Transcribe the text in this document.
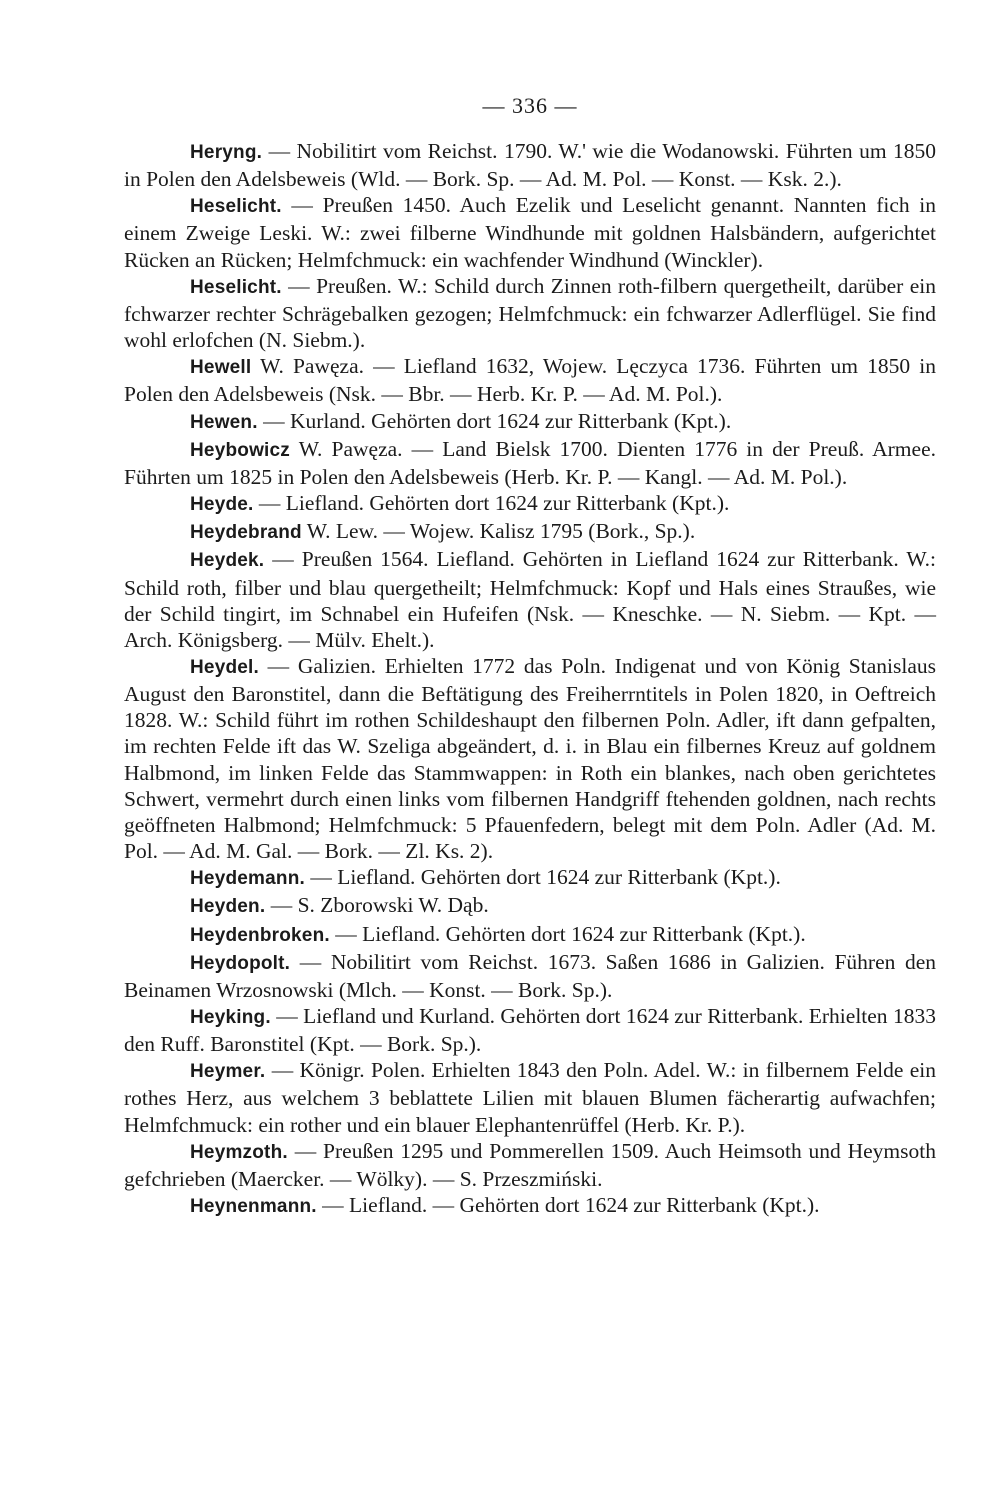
— 336 —

Heryng. — Nobilitirt vom Reichst. 1790. W.' wie die Wodanowski. Führten um 1850 in Polen den Adelsbeweis (Wld. — Bork. Sp. — Ad. M. Pol. — Konst. — Ksk. 2.).

Heselicht. — Preußen 1450. Auch Ezelik und Leselicht genannt. Nannten fich in einem Zweige Leski. W.: zwei filberne Windhunde mit goldnen Halsbändern, aufgerichtet Rücken an Rücken; Helmfchmuck: ein wachfender Windhund (Winckler).

Heselicht. — Preußen. W.: Schild durch Zinnen roth-filbern quergetheilt, darüber ein fchwarzer rechter Schrägebalken gezogen; Helmfchmuck: ein fchwarzer Adlerflügel. Sie find wohl erlofchen (N. Siebm.).

Hewell W. Pawęza. — Liefland 1632, Wojew. Lęczyca 1736. Führten um 1850 in Polen den Adelsbeweis (Nsk. — Bbr. — Herb. Kr. P. — Ad. M. Pol.).

Hewen. — Kurland. Gehörten dort 1624 zur Ritterbank (Kpt.).

Heybowicz W. Pawęza. — Land Bielsk 1700. Dienten 1776 in der Preuß. Armee. Führten um 1825 in Polen den Adelsbeweis (Herb. Kr. P. — Kangl. — Ad. M. Pol.).

Heyde. — Liefland. Gehörten dort 1624 zur Ritterbank (Kpt.).

Heydebrand W. Lew. — Wojew. Kalisz 1795 (Bork., Sp.).

Heydek. — Preußen 1564. Liefland. Gehörten in Liefland 1624 zur Ritterbank. W.: Schild roth, filber und blau quergetheilt; Helmfchmuck: Kopf und Hals eines Straußes, wie der Schild tingirt, im Schnabel ein Hufeifen (Nsk. — Kneschke. — N. Siebm. — Kpt. — Arch. Königsberg. — Mülv. Ehelt.).

Heydel. — Galizien. Erhielten 1772 das Poln. Indigenat und von König Stanislaus August den Baronstitel, dann die Beftätigung des Freiherrntitels in Polen 1820, in Oeftreich 1828. W.: Schild führt im rothen Schildeshaupt den filbernen Poln. Adler, ift dann gefpalten, im rechten Felde ift das W. Szeliga abgeändert, d. i. in Blau ein filbernes Kreuz auf goldnem Halbmond, im linken Felde das Stammwappen: in Roth ein blankes, nach oben gerichtetes Schwert, vermehrt durch einen links vom filbernen Handgriff ftehenden goldnen, nach rechts geöffneten Halbmond; Helmfchmuck: 5 Pfauenfedern, belegt mit dem Poln. Adler (Ad. M. Pol. — Ad. M. Gal. — Bork. — Zl. Ks. 2).

Heydemann. — Liefland. Gehörten dort 1624 zur Ritterbank (Kpt.).

Heyden. — S. Zborowski W. Dąb.

Heydenbroken. — Liefland. Gehörten dort 1624 zur Ritterbank (Kpt.).

Heydopolt. — Nobilitirt vom Reichst. 1673. Saßen 1686 in Galizien. Führen den Beinamen Wrzosnowski (Mlch. — Konst. — Bork. Sp.).

Heyking. — Liefland und Kurland. Gehörten dort 1624 zur Ritterbank. Erhielten 1833 den Ruff. Baronstitel (Kpt. — Bork. Sp.).

Heymer. — Königr. Polen. Erhielten 1843 den Poln. Adel. W.: in filbernem Felde ein rothes Herz, aus welchem 3 beblattete Lilien mit blauen Blumen fächerartig aufwachfen; Helmfchmuck: ein rother und ein blauer Elephantenrüffel (Herb. Kr. P.).

Heymzoth. — Preußen 1295 und Pommerellen 1509. Auch Heimsoth und Heymsoth gefchrieben (Maercker. — Wölky). — S. Przeszmiński.

Heynenmann. — Liefland. — Gehörten dort 1624 zur Ritterbank (Kpt.).
